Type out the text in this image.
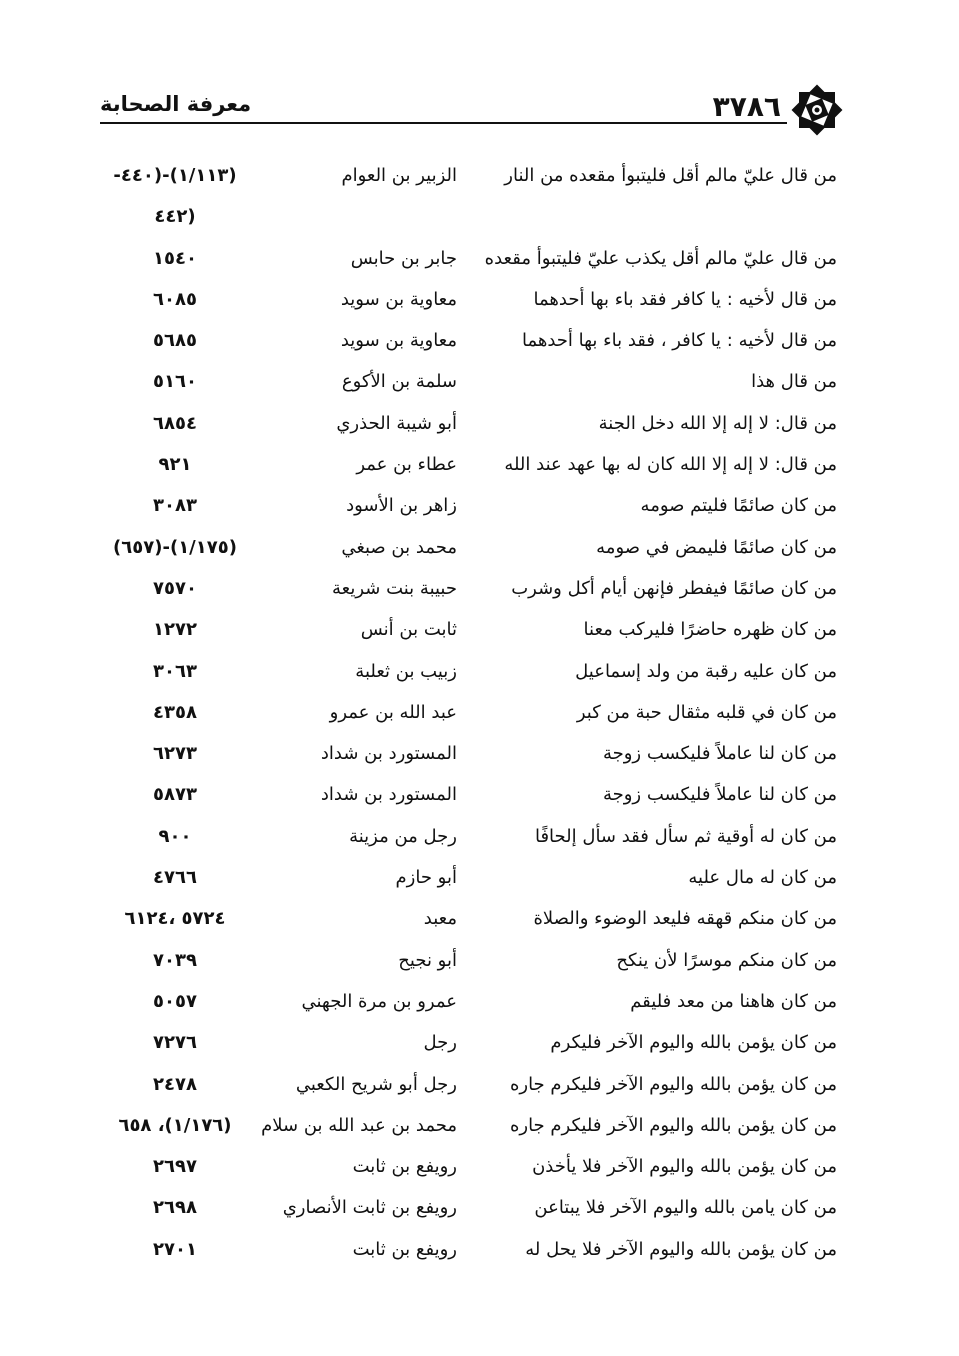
٣٧٨٦
معرفة الصحابة
من قال عليّ مالم أقل فليتبوأ مقعده من النار
الزبير بن العوام
(١/١١٣)-(٤٤٠-
(٤٤٢
من قال عليّ مالم أقل يكذب عليّ فليتبوأ مقعده
جابر بن حابس
١٥٤٠
من قال لأخيه : يا كافر فقد باء بها أحدهما
معاوية بن سويد
٦٠٨٥
من قال لأخيه : يا كافر ، فقد باء بها أحدهما
معاوية بن سويد
٥٦٨٥
من قال هذا
سلمة بن الأكوع
٥١٦٠
من قال: لا إله إلا الله دخل الجنة
أبو شيبة الحذري
٦٨٥٤
من قال: لا إله إلا الله كان له بها عهد عند الله
عطاء بن عمر
٩٢١
من كان صائمًا فليتم صومه
زاهر بن الأسود
٣٠٨٣
من كان صائمًا فليمض في صومه
محمد بن صبغي
(١/١٧٥)-(٦٥٧)
من كان صائمًا فيفطر فإنهن أيام أكل وشرب
حبيبة بنت شريعة
٧٥٧٠
من كان ظهره حاضرًا فليركب معنا
ثابت بن أنس
١٢٧٢
من كان عليه رقبة من ولد إسماعيل
زبيب بن ثعلبة
٣٠٦٣
من كان في قلبه مثقال حبة من كبر
عبد الله بن عمرو
٤٣٥٨
من كان لنا عاملاً فليكسب زوجة
المستورد بن شداد
٦٢٧٣
من كان لنا عاملاً فليكسب زوجة
المستورد بن شداد
٥٨٧٣
من كان له أوقية ثم سأل فقد سأل إلحافًا
رجل من مزينة
٩٠٠
من كان له مال عليه
أبو حازم
٤٧٦٦
من كان منكم قهقه فليعد الوضوء والصلاة
معبد
٥٧٢٤ ،٦١٢٤
من كان منكم موسرًا لأن ينكح
أبو نجيح
٧٠٣٩
من كان هاهنا من معد فليقم
عمرو بن مرة الجهني
٥٠٥٧
من كان يؤمن بالله واليوم الآخر فليكرم
رجل
٧٢٧٦
من كان يؤمن بالله واليوم الآخر فليكرم جاره
رجل أبو شريح الكعبي
٢٤٧٨
من كان يؤمن بالله واليوم الآخر فليكرم جاره
محمد بن عبد الله بن سلام
(١/١٧٦)، ٦٥٨
من كان يؤمن بالله واليوم الآخر فلا يأخذن
رويفع بن ثابت
٢٦٩٧
من كان يامن بالله واليوم الآخر فلا يبتاعن
رويفع بن ثابت الأنصاري
٢٦٩٨
من كان يؤمن بالله واليوم الآخر فلا يحل له
رويفع بن ثابت
٢٧٠١
